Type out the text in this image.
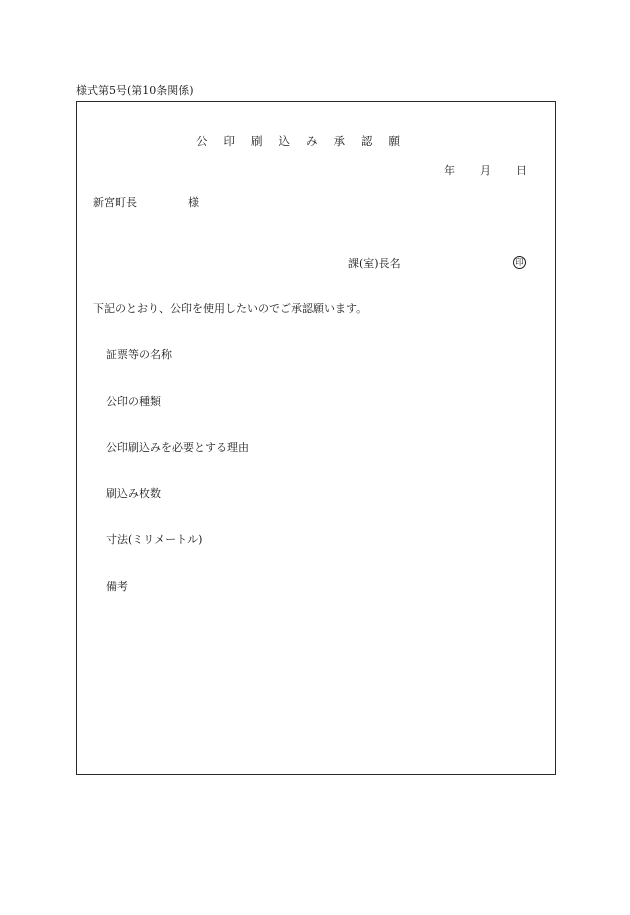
様式第5号(第10条関係)
公印刷込み承認願
年 月 日
新宮町長	様
課(室)長名	印
下記のとおり、公印を使用したいのでご承認願います。
証票等の名称
公印の種類
公印刷込みを必要とする理由
刷込み枚数
寸法(ミリメートル)
備考
